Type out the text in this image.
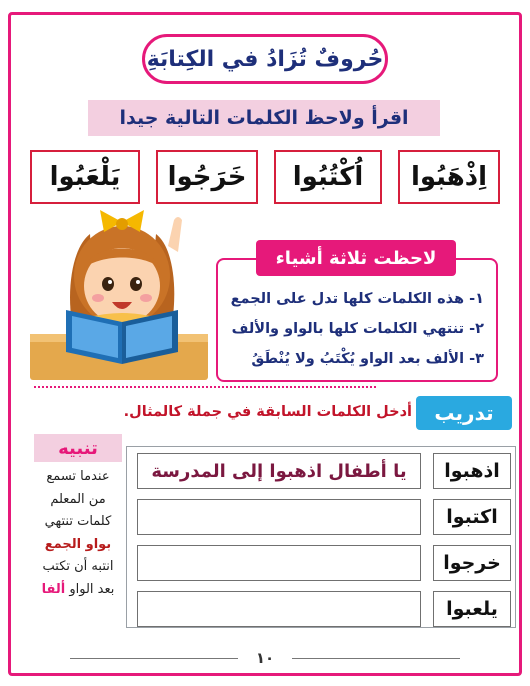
حُروفٌ تُزَادُ في الكِتابَةِ
اقرأ ولاحظ الكلمات التالية جيدا
اِذْهَبُوا
اُكْتُبُوا
خَرَجُوا
يَلْعَبُوا
١- هذه الكلمات كلها تدل على الجمع
٢- تنتهي الكلمات كلها بالواو والألف
٣- الألف بعد الواو يُكْتَبُ ولا يُنْطَقُ
لاحظت ثلاثة أشياء
تدريب
أدخل الكلمات السابقة في جملة كالمثال.
تنبيه
عندما تسمع
من المعلم
كلمات تنتهي
بواو الجمع
انتبه أن تكتب
بعد الواو ألفا
اذهبوا
يا أطفال اذهبوا إلى المدرسة
اكتبوا
خرجوا
يلعبوا
١٠
